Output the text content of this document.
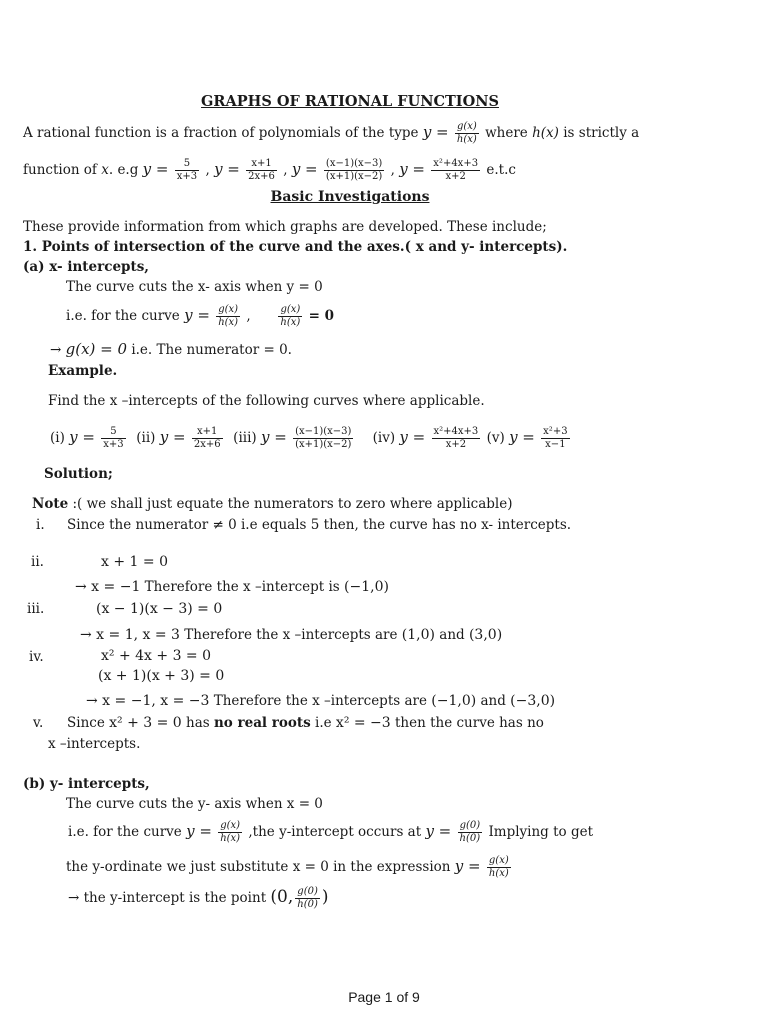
GRAPHS OF RATIONAL FUNCTIONS
A rational function is a fraction of polynomials of the type $y = \frac{g(x)}{h(x)}$ where h(x) is strictly a
function of x. e.g $y = \frac{5}{x+3}$ , $y = \frac{x+1}{2x+6}$ , $y = \frac{(x-1)(x-3)}{(x+1)(x-2)}$ , $y = \frac{\text{x²+4x+3}}{x+2} e.t.c$
Basic Investigations
These provide information from which graphs are developed. These include;
1. Points of intersection of the curve and the axes.( x and y- intercepts).
(a) x- intercepts,
The curve cuts the x- axis when y = 0
i.e. for the curve $y = \frac{g(x)}{h(x)}$ ,	$\frac{g(x)}{h(x)} = 0$
→ g(x) = 0 i.e. The numerator = 0.
Example.
Find the x –intercepts of the following curves where applicable.
(i) $y = \frac{5}{x+3} (ii) y = \frac{x+1}{2x+6} (iii) y = \frac{(x-1)(x-3)}{(x+1)(x-2)} (iv) y = \frac{\text{x²+4x+3}}{x+2} (v) y = \frac{\text{x²+3}}{x-1}$
Solution;
Note :( we shall just equate the numerators to zero where applicable)
i. Since the numerator ≠ 0 i.e equals 5 then, the curve has no x- intercepts.
ii.	x + 1 = 0
→ x = −1 Therefore the x –intercept is (−1,0)
iii.	(x − 1)(x − 3) = 0
→ x = 1, x = 3 Therefore the x –intercepts are (1,0) and (3,0)
iv.	x² + 4x + 3 = 0
(x + 1)(x + 3) = 0
→ x = −1, x = −3 Therefore the x –intercepts are (−1,0) and (−3,0)
v. Since x² + 3 = 0 has no real roots i.e x² = −3 then the curve has no
x –intercepts.
(b) y- intercepts,
The curve cuts the y- axis when x = 0
i.e. for the curve $y = \frac{g(x)}{h(x)} ,the$ y-intercept occurs at $y = \frac{g(0)}{h(0)}$ Implying to get
the y-ordinate we just substitute x = 0 in the expression $y = \frac{g(x)}{h(x)}$
→ the y-intercept is the point (0, $\frac{g(0)}{h(0)}$ )
Page 1 of 9
